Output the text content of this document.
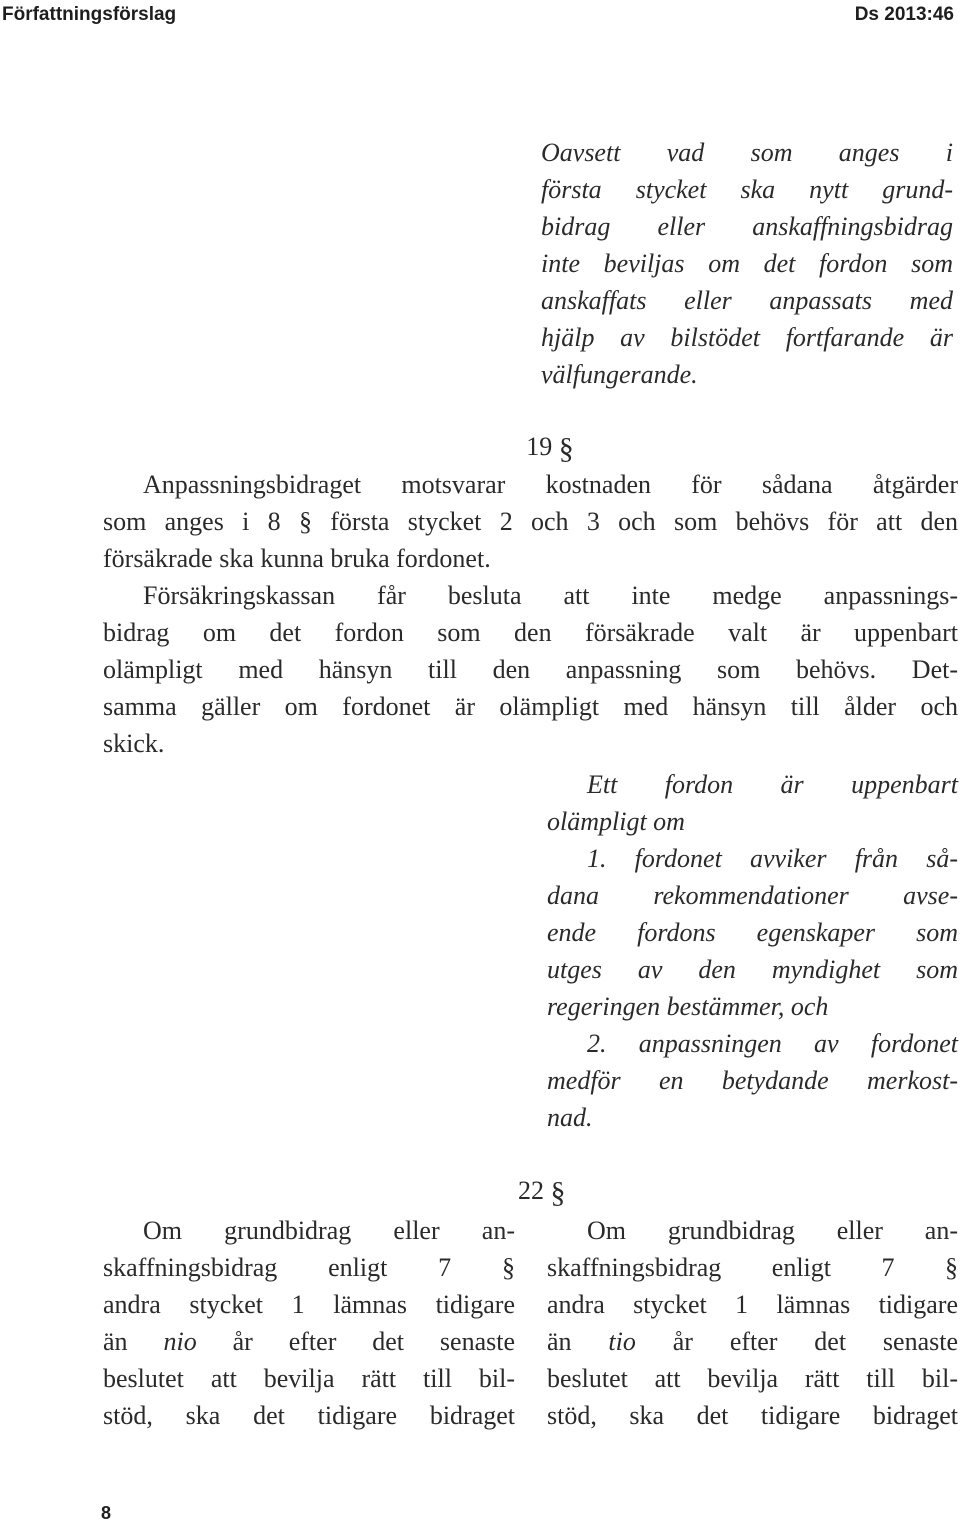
Författningsförslag	Ds 2013:46
Oavsett vad som anges i
första stycket ska nytt grund-
bidrag eller anskaffningsbidrag
inte beviljas om det fordon som
anskaffats eller anpassats med
hjälp av bilstödet fortfarande är
välfungerande.
19 §
Anpassningsbidraget motsvarar kostnaden för sådana åtgärder
som anges i 8 § första stycket 2 och 3 och som behövs för att den
försäkrade ska kunna bruka fordonet.
Försäkringskassan får besluta att inte medge anpassnings-
bidrag om det fordon som den försäkrade valt är uppenbart
olämpligt med hänsyn till den anpassning som behövs. Det-
samma gäller om fordonet är olämpligt med hänsyn till ålder och
skick.
Ett fordon är uppenbart
olämpligt om
1. fordonet avviker från så-
dana rekommendationer avse-
ende fordons egenskaper som
utges av den myndighet som
regeringen bestämmer, och
2. anpassningen av fordonet
medför en betydande merkost-
nad.
22 §
Om grundbidrag eller an-
skaffningsbidrag enligt 7 §
andra stycket 1 lämnas tidigare
än nio år efter det senaste
beslutet att bevilja rätt till bil-
stöd, ska det tidigare bidraget
Om grundbidrag eller an-
skaffningsbidrag enligt 7 §
andra stycket 1 lämnas tidigare
än tio år efter det senaste
beslutet att bevilja rätt till bil-
stöd, ska det tidigare bidraget
8
